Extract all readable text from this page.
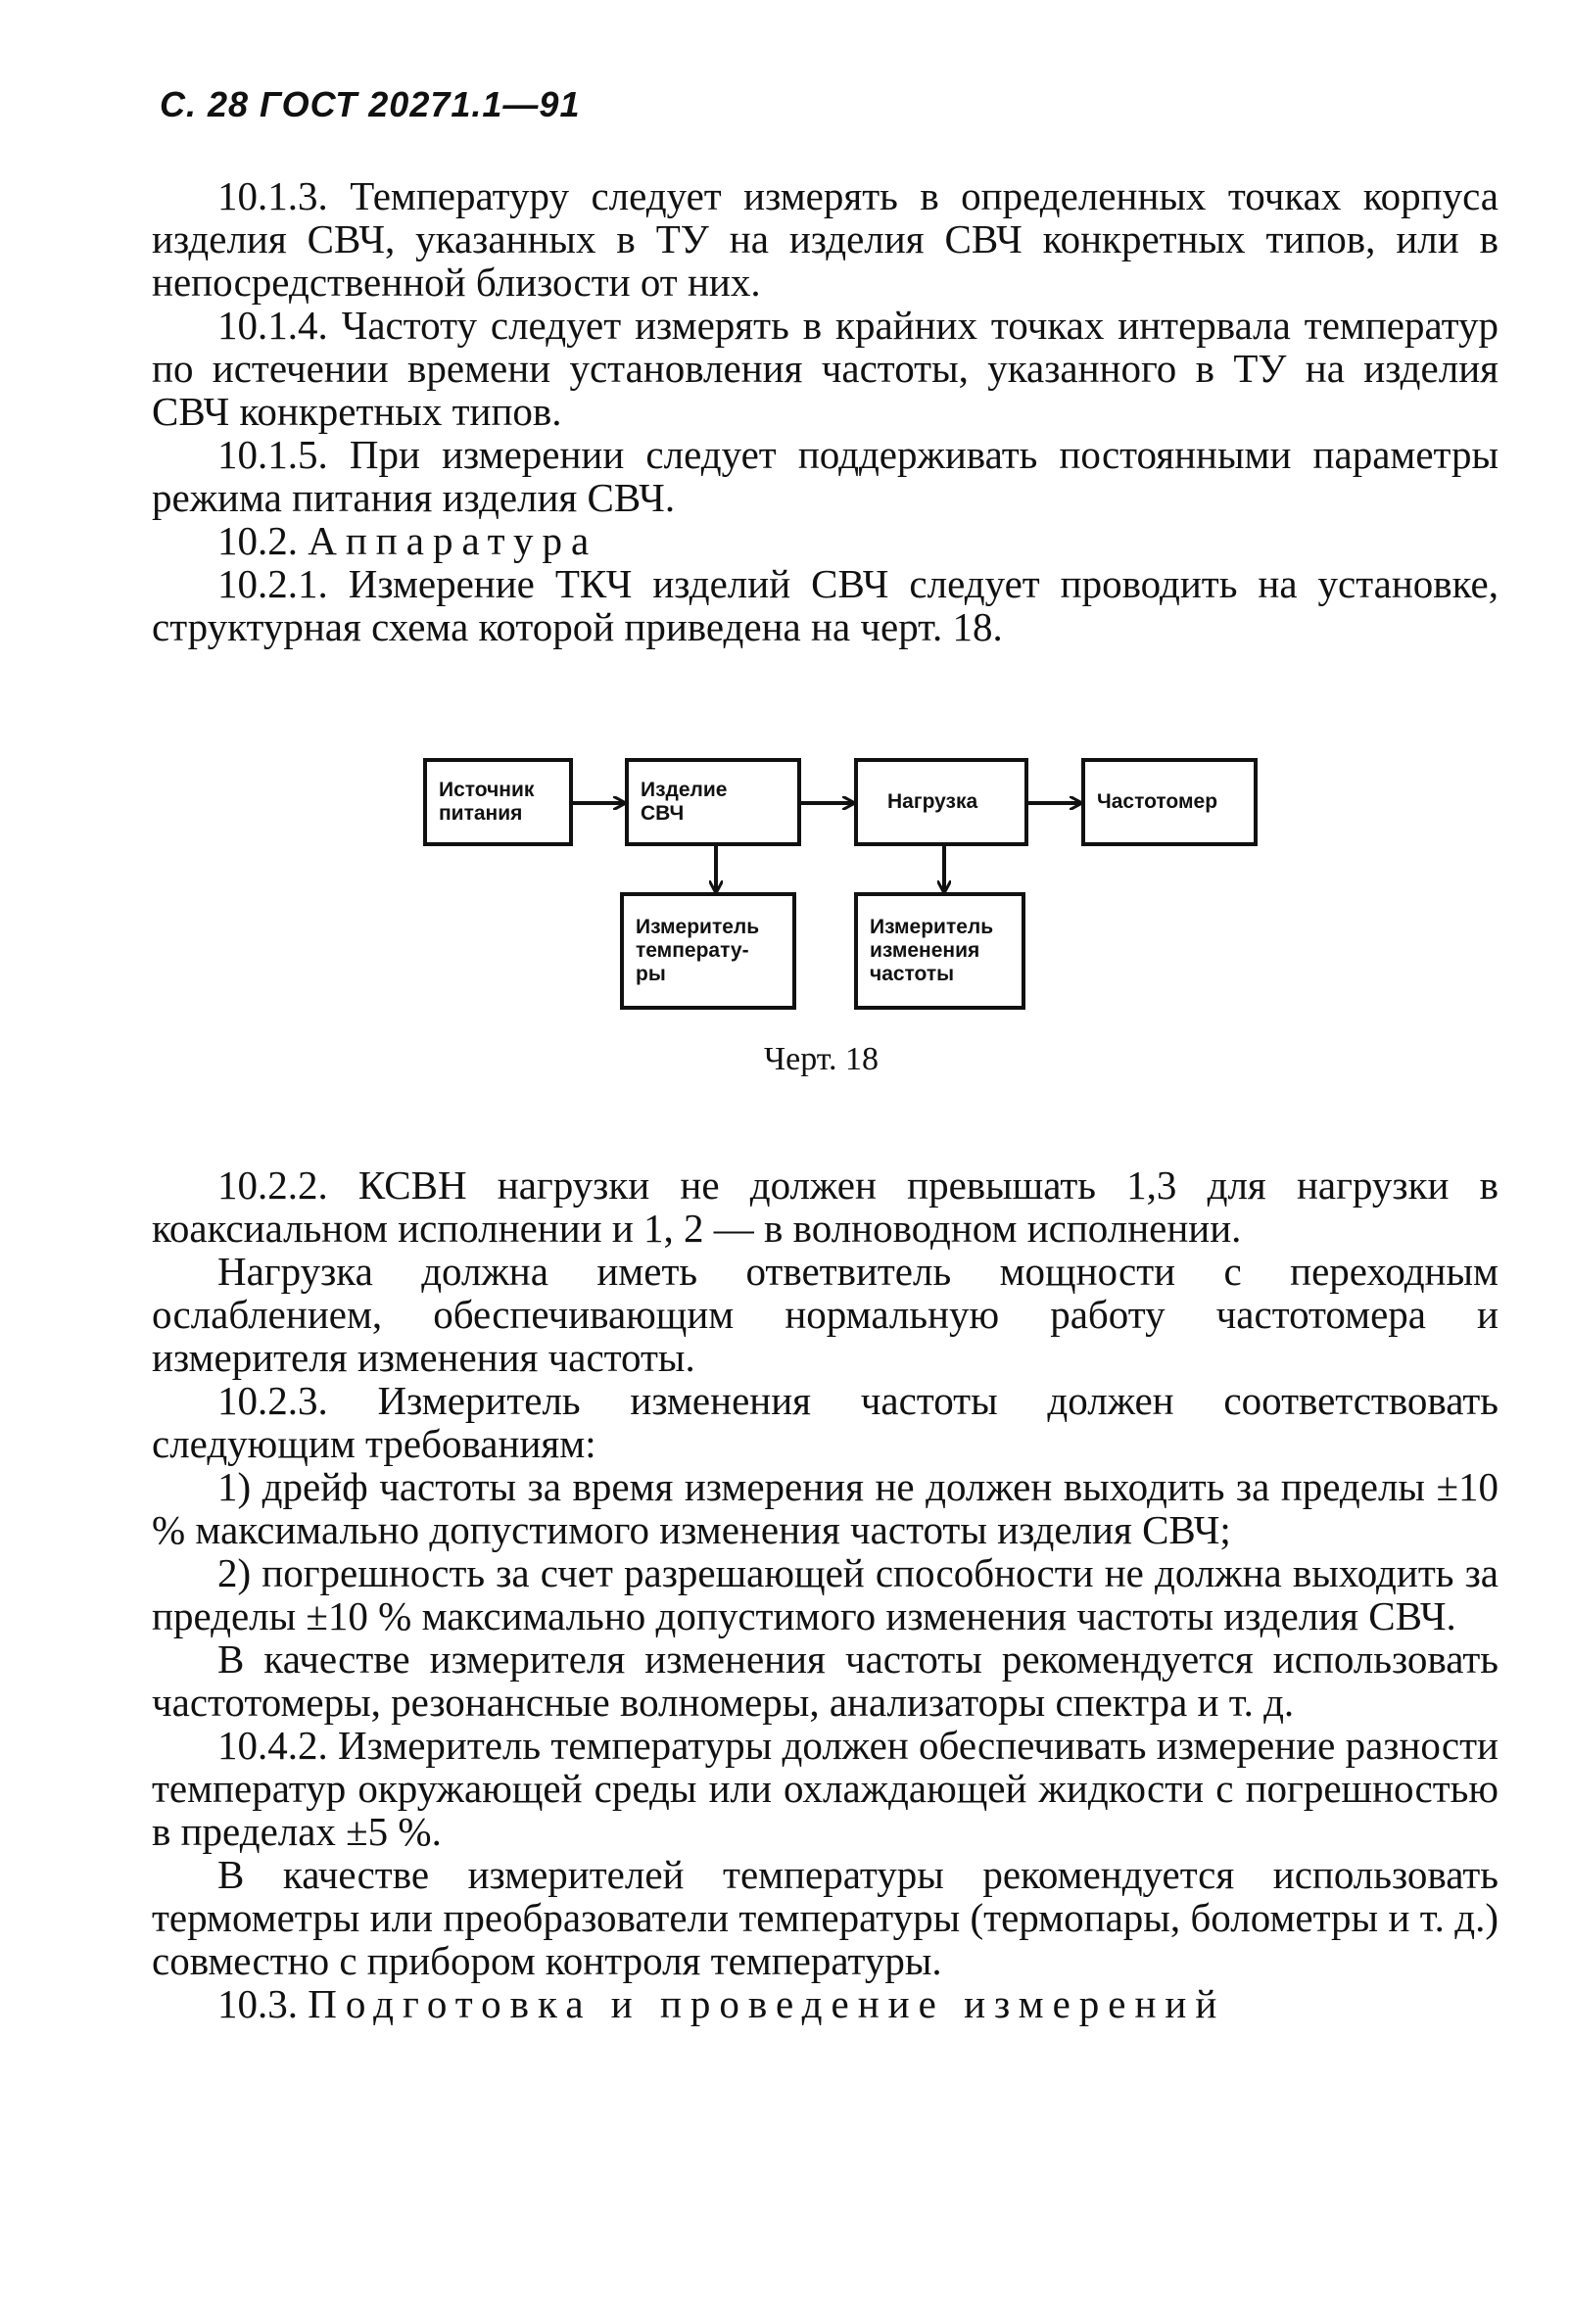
С. 28 ГОСТ 20271.1—91

10.1.3. Температуру следует измерять в определенных точках корпуса изделия СВЧ, указанных в ТУ на изделия СВЧ конкретных типов, или в непосредственной близости от них.

10.1.4. Частоту следует измерять в крайних точках интервала температур по истечении времени установления частоты, указанного в ТУ на изделия СВЧ конкретных типов.

10.1.5. При измерении следует поддерживать постоянными параметры режима питания изделия СВЧ.

10.2. Аппаратура

10.2.1. Измерение ТКЧ изделий СВЧ следует проводить на установке, структурная схема которой приведена на черт. 18.

Источник
питания
Изделие
СВЧ
Нагрузка	Частотомер
Измеритель
температу-
ры
Измеритель
изменения
частоты
Черт. 18

10.2.2. КСВН нагрузки не должен превышать 1,3 для нагрузки в коаксиальном исполнении и 1, 2 — в волноводном исполнении.

Нагрузка должна иметь ответвитель мощности с переходным ослаблением, обеспечивающим нормальную работу частотомера и измерителя изменения частоты.

10.2.3. Измеритель изменения частоты должен соответствовать следующим требованиям:

1) дрейф частоты за время измерения не должен выходить за пределы ±10 % максимально допустимого изменения частоты изделия СВЧ;

2) погрешность за счет разрешающей способности не должна выходить за пределы ±10 % максимально допустимого изменения частоты изделия СВЧ.

В качестве измерителя изменения частоты рекомендуется использовать частотомеры, резонансные волномеры, анализаторы спектра и т. д.

10.4.2. Измеритель температуры должен обеспечивать измерение разности температур окружающей среды или охлаждающей жидкости с погрешностью в пределах ±5 %.

В качестве измерителей температуры рекомендуется использовать термометры или преобразователи температуры (термопары, болометры и т. д.) совместно с прибором контроля температуры.

10.3. Подготовка и проведение измерений
